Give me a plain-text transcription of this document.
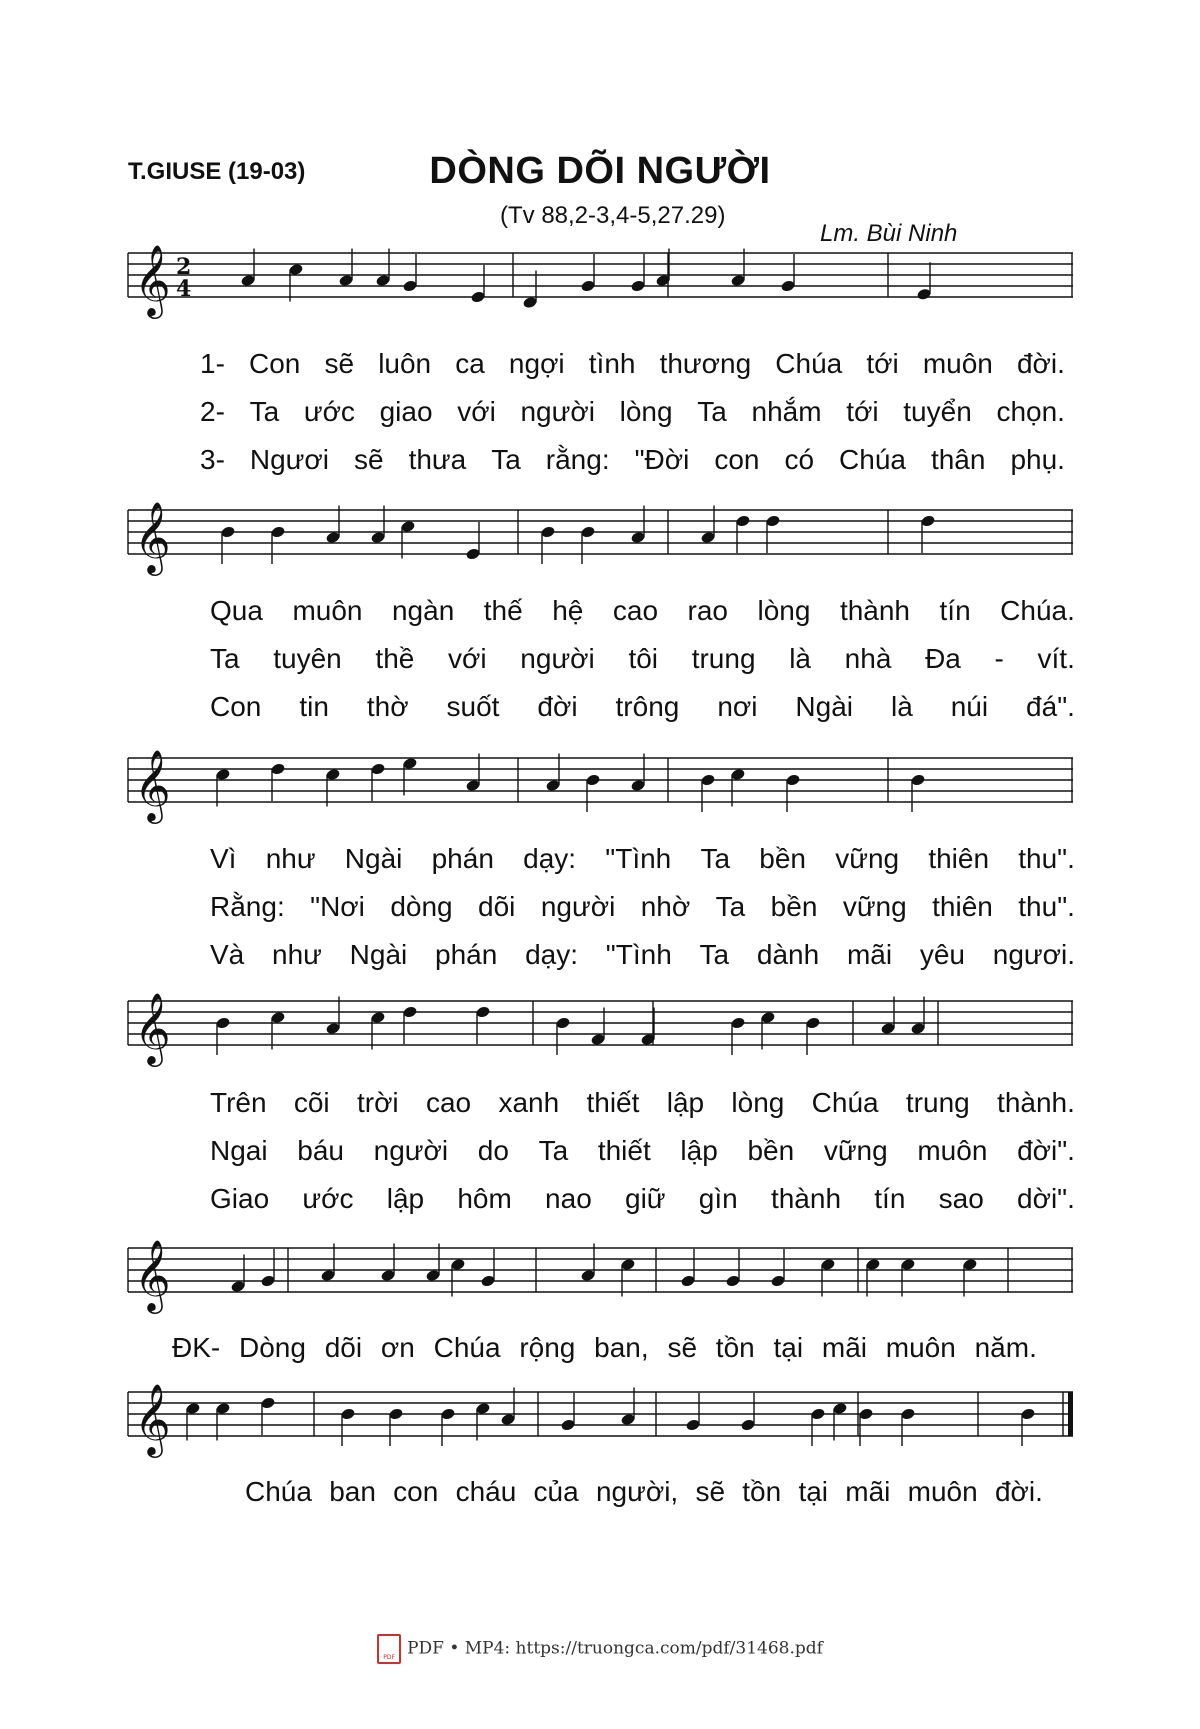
T.GIUSE (19-03)	DÒNG DÕI NGƯỜI
(Tv 88,2-3,4-5,27.29)
Lm. Bùi Ninh
𝄞 2
4
1- Con sẽ luôn ca ngợi tình thương Chúa tới muôn đời.
2- Ta ước giao với người lòng Ta nhắm tới tuyển chọn.
3- Ngươi sẽ thưa Ta rằng: "Đời con có Chúa thân phụ.
𝄞
Qua muôn ngàn thế hệ cao rao lòng thành tín Chúa.
Ta tuyên thề với người tôi trung là nhà Đa - vít.
Con tin thờ suốt đời trông nơi Ngài là núi đá".
𝄞
Vì như Ngài phán dạy: "Tình Ta bền vững thiên thu".
Rằng: "Nơi dòng dõi người nhờ Ta bền vững thiên thu".
Và như Ngài phán dạy: "Tình Ta dành mãi yêu ngươi.
𝄞
Trên cõi trời cao xanh thiết lập lòng Chúa trung thành.
Ngai báu người do Ta thiết lập bền vững muôn đời".
Giao ước lập hôm nao giữ gìn thành tín sao dời".
𝄞
ĐK- Dòng dõi ơn Chúa rộng ban, sẽ tồn tại mãi muôn năm.
𝄞
Chúa ban con cháu của người, sẽ tồn tại mãi muôn đời.
PDFPDF • MP4: https://truongca.com/pdf/31468.pdf
